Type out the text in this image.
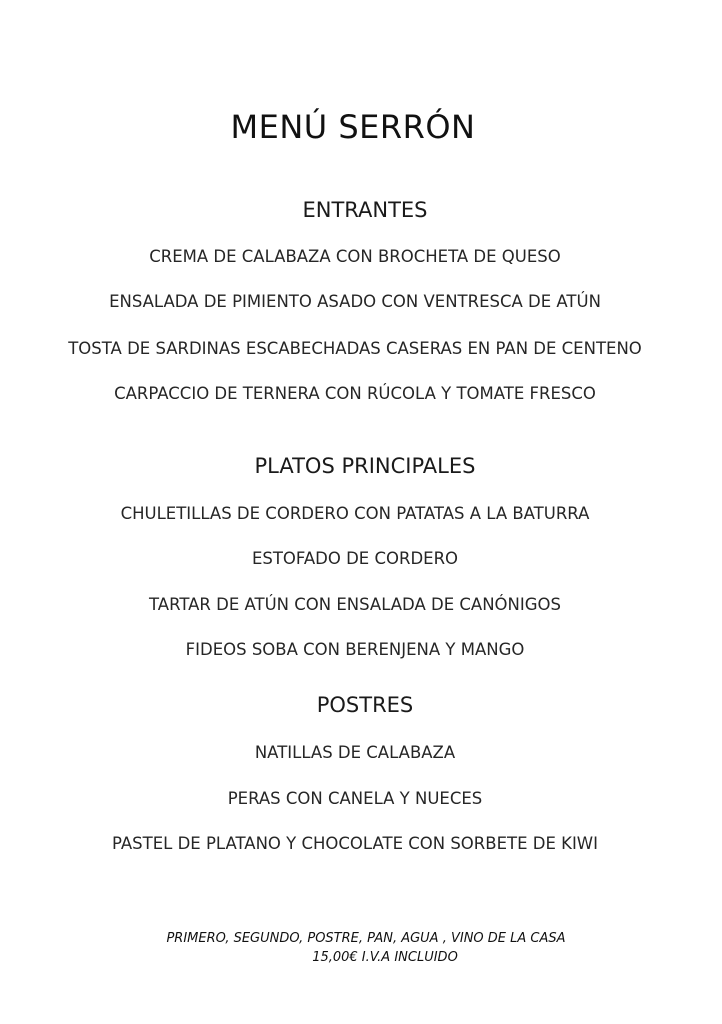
MENÚ SERRÓN
ENTRANTES
CREMA DE CALABAZA CON BROCHETA DE QUESO
ENSALADA DE PIMIENTO ASADO CON VENTRESCA DE ATÚN
TOSTA DE SARDINAS ESCABECHADAS CASERAS EN PAN DE CENTENO
CARPACCIO DE TERNERA CON RÚCOLA Y TOMATE FRESCO
PLATOS PRINCIPALES
CHULETILLAS DE CORDERO CON PATATAS A LA BATURRA
ESTOFADO DE CORDERO
TARTAR DE ATÚN CON ENSALADA DE CANÓNIGOS
FIDEOS SOBA CON BERENJENA Y MANGO
POSTRES
NATILLAS DE CALABAZA
PERAS CON CANELA Y NUECES
PASTEL DE PLATANO Y CHOCOLATE CON SORBETE DE KIWI
PRIMERO, SEGUNDO, POSTRE, PAN, AGUA , VINO DE LA CASA
15,00€ I.V.A INCLUIDO
